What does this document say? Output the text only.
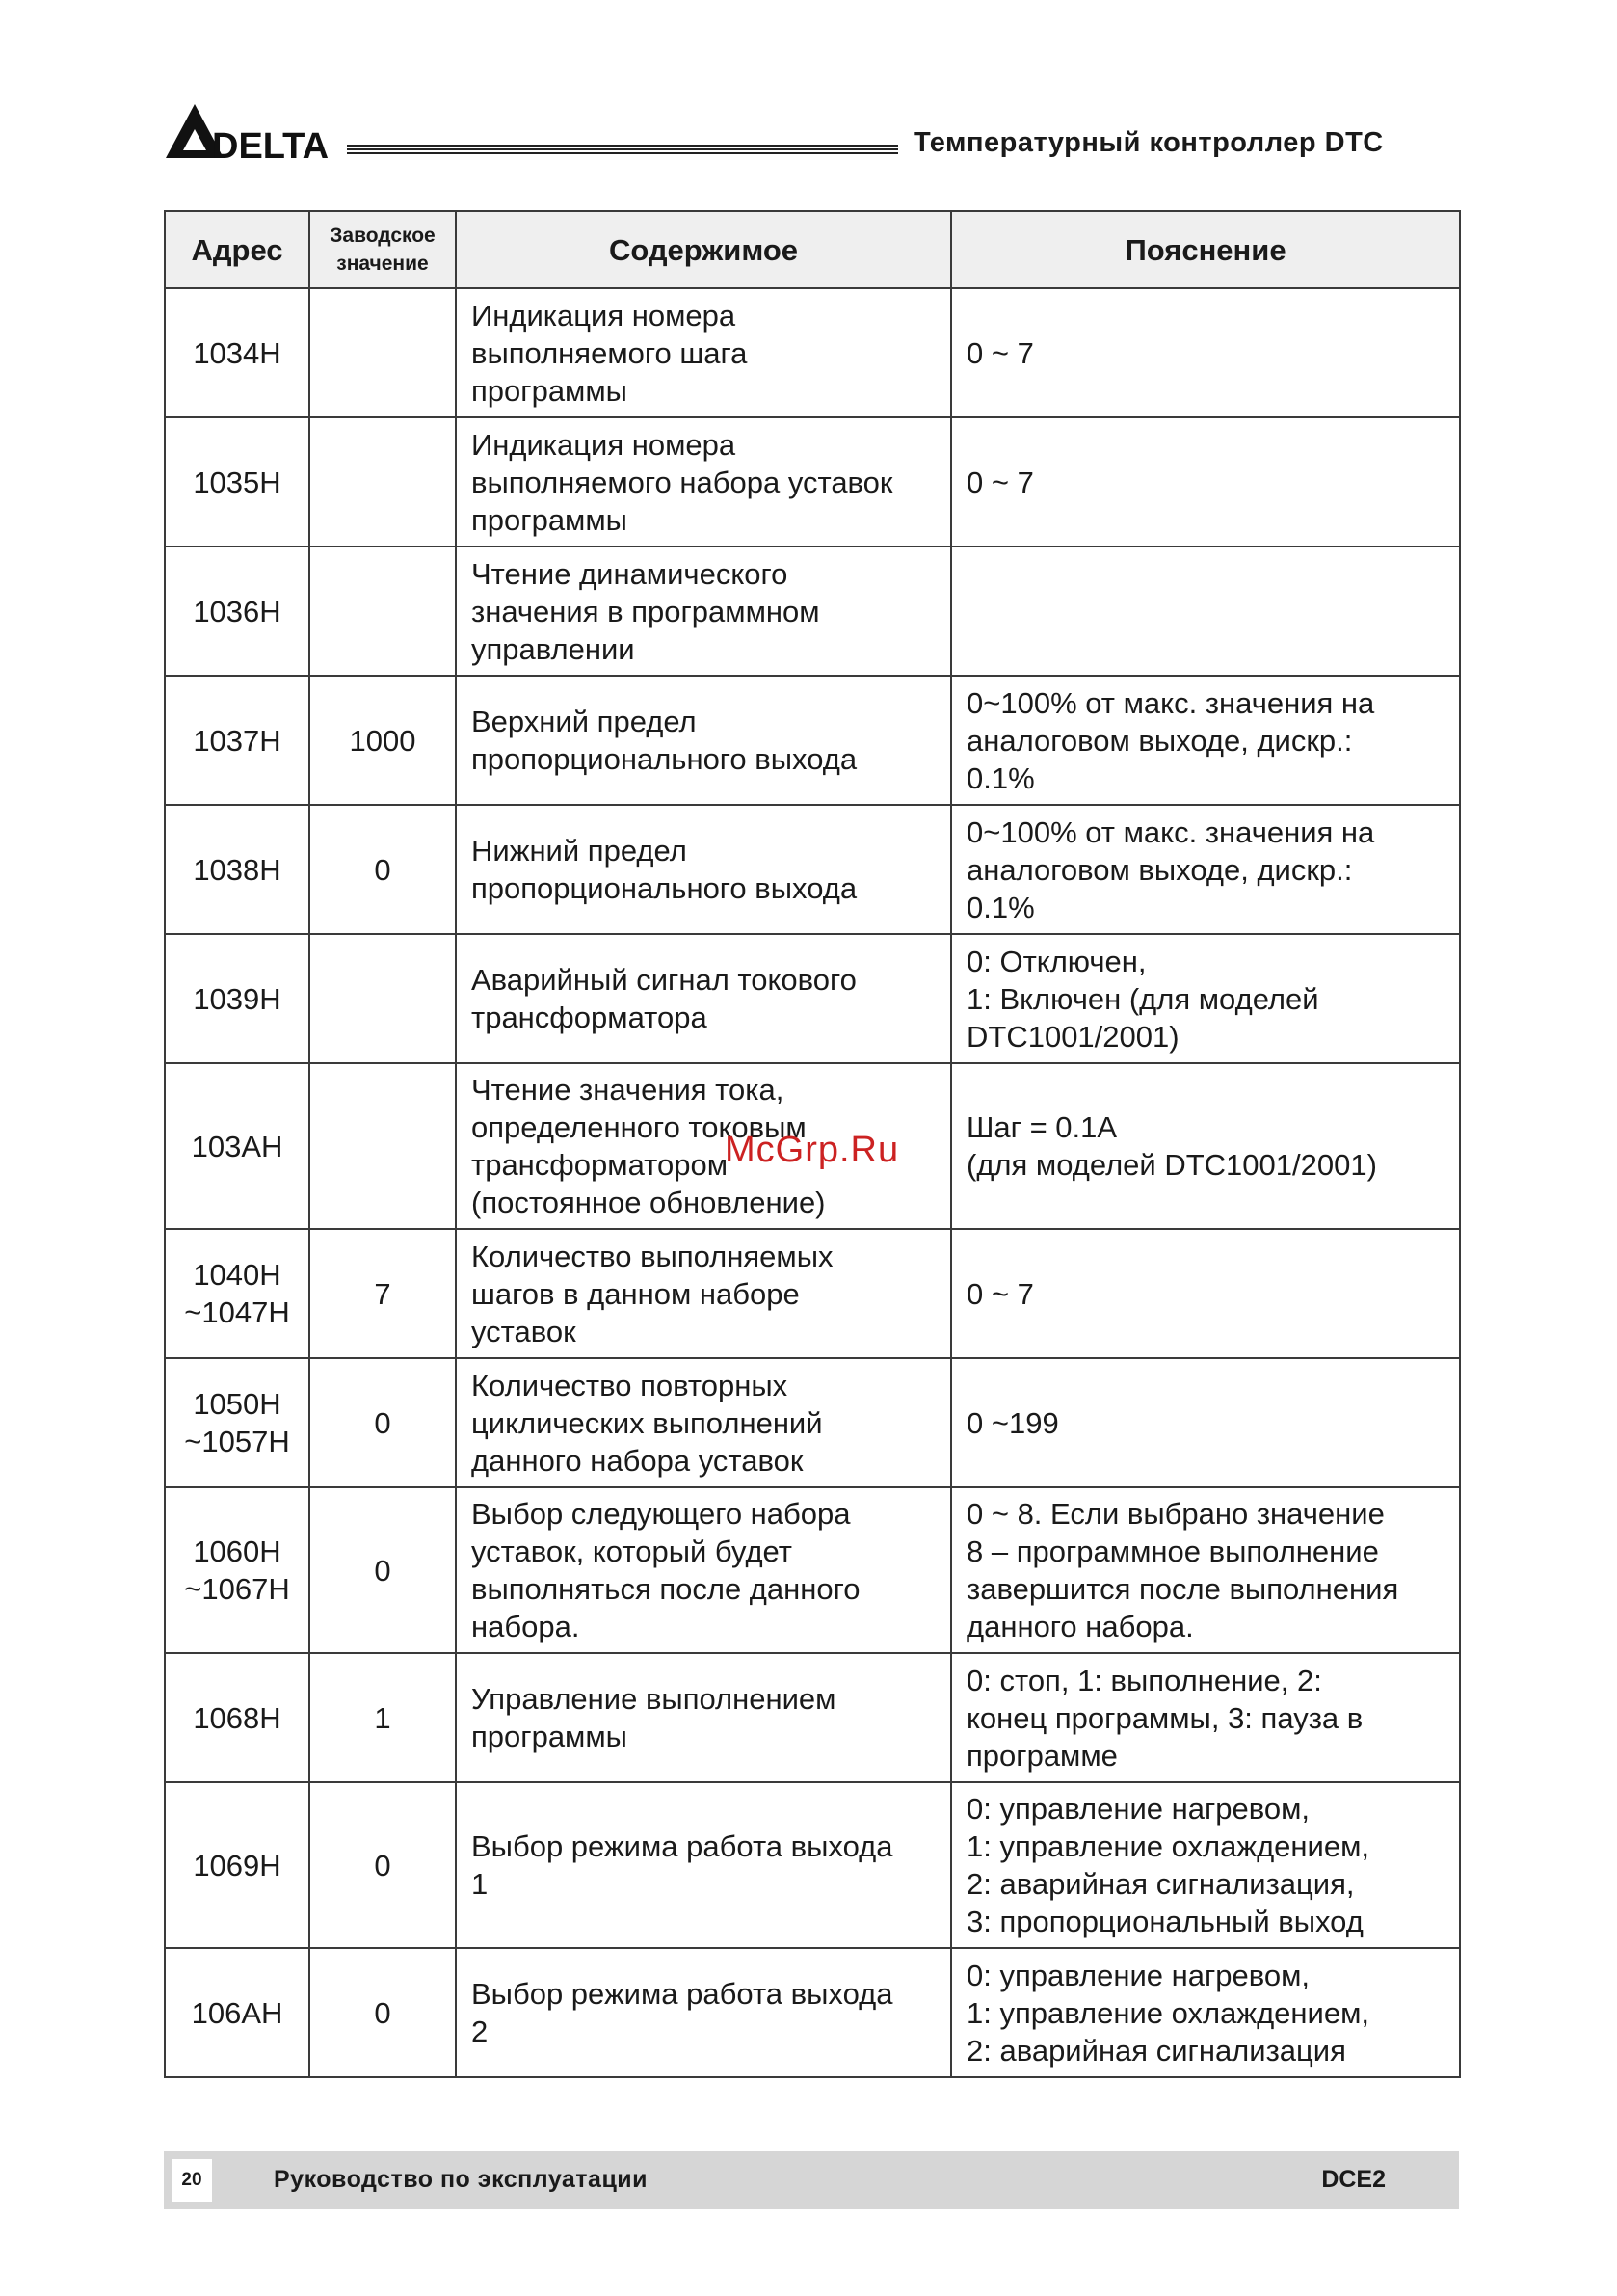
DELTA	Температурный контроллер DTC
Адрес	Заводское значение	Содержимое	Пояснение
1034H		Индикация номера
выполняемого шага
программы	0 ~ 7
1035H		Индикация номера
выполняемого набора уставок
программы	0 ~ 7
1036H		Чтение динамического
значения в программном
управлении	
1037H	1000	Верхний предел
пропорционального выхода	0~100% от макс. значения на
аналоговом выходе, дискр.:
0.1%
1038H	0	Нижний предел
пропорционального выхода	0~100% от макс. значения на
аналоговом выходе, дискр.:
0.1%
1039H		Аварийный сигнал токового
трансформатора	0: Отключен,
1: Включен (для моделей
DTC1001/2001)
103AH		Чтение значения тока,
определенного токовым
трансформатором
(постоянное обновление)	Шаг = 0.1А
(для моделей DTC1001/2001)
1040H
~1047H	7	Количество выполняемых
шагов в данном наборе
уставок	0 ~ 7
1050H
~1057H	0	Количество повторных
циклических выполнений
данного набора уставок	0 ~199
1060H
~1067H	0	Выбор следующего набора
уставок, который будет
выполняться после данного
набора.	0 ~ 8. Если выбрано значение
8 – программное выполнение
завершится после выполнения
данного набора.
1068H	1	Управление выполнением
программы	0: стоп, 1: выполнение, 2:
конец программы, 3: пауза в
программе
1069H	0	Выбор режима работа выхода
1	0: управление нагревом,
1: управление охлаждением,
2: аварийная сигнализация,
3: пропорциональный выход
106AH	0	Выбор режима работа выхода
2	0: управление нагревом,
1: управление охлаждением,
2: аварийная сигнализация
McGrp.Ru
20	Руководство по эксплуатации	DCE2
